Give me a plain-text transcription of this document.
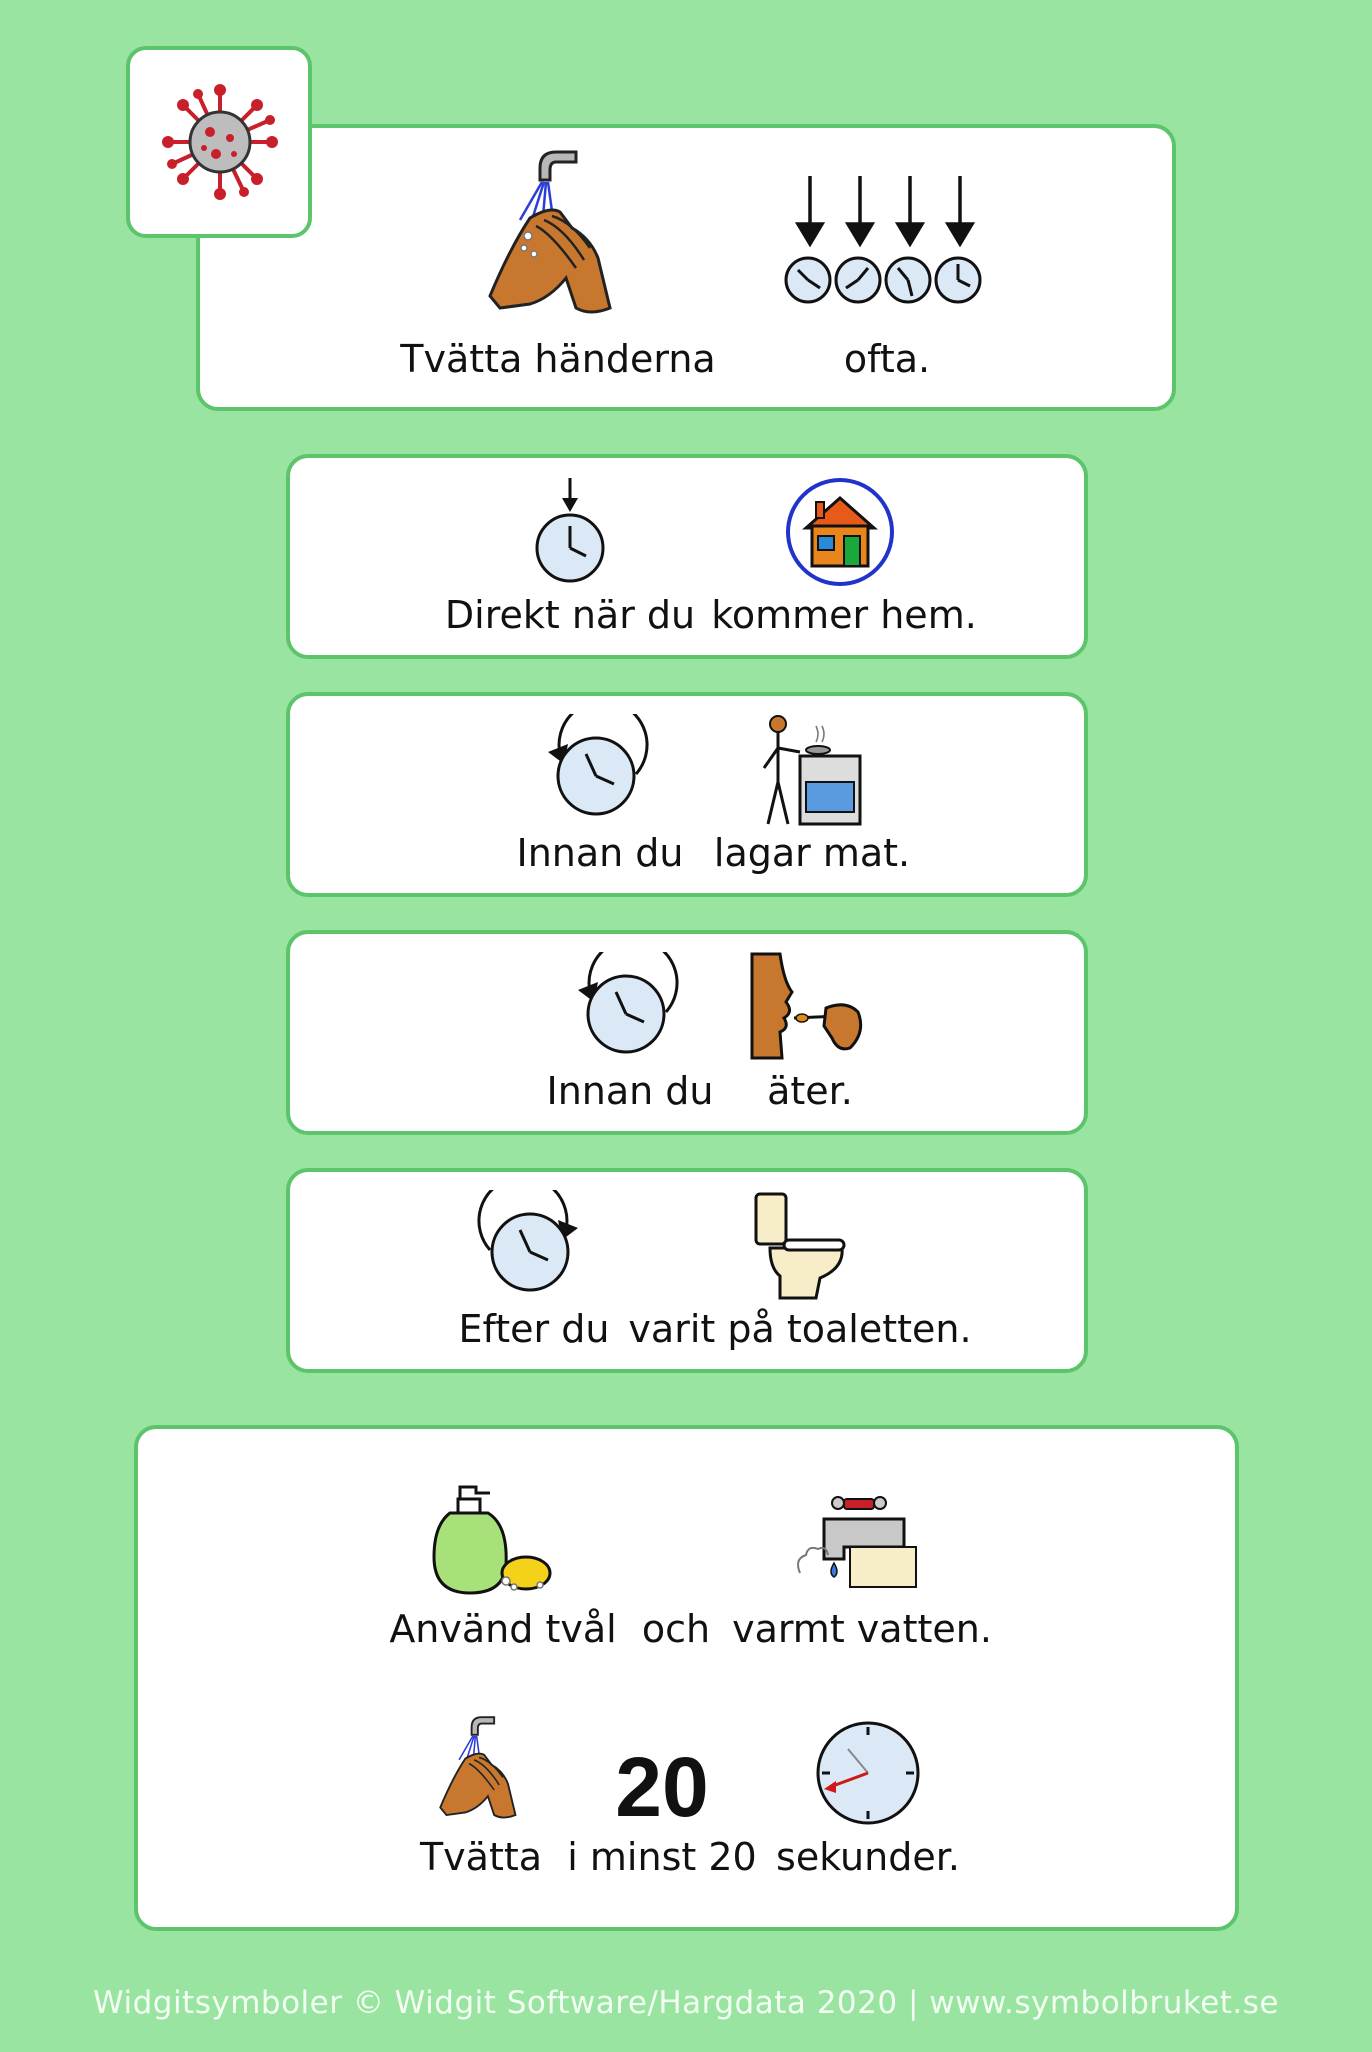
Tvätta händerna	ofta.
Direkt när du kommer hem.
Innan du lagar mat.
Innan du äter.
Efter du varit på toaletten.
Använd tvål och varmt vatten.
Tvätta
20
i minst 20 sekunder.
Widgitsymboler © Widgit Software/Hargdata 2020 | www.symbolbruket.se
